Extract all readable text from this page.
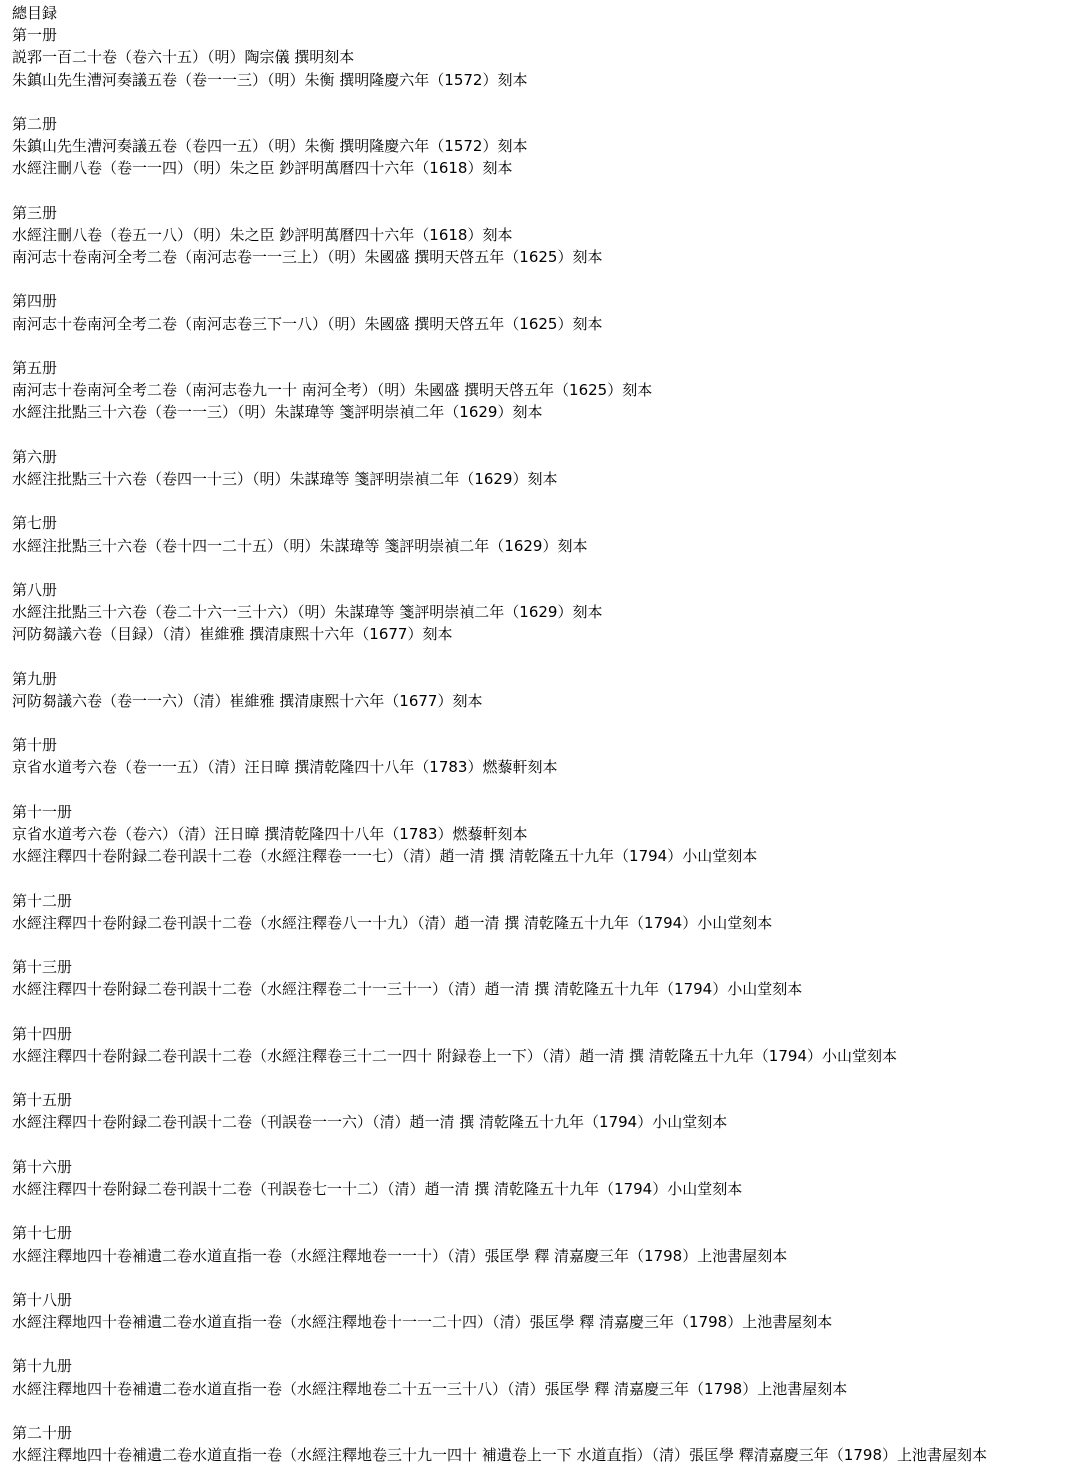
總目録
第一册
説郛一百二十卷（卷六十五）（明）陶宗儀 撰明刻本
朱鎮山先生漕河奏議五卷（卷一一三）（明）朱衡 撰明隆慶六年（1572）刻本
第二册
朱鎮山先生漕河奏議五卷（卷四一五）（明）朱衡 撰明隆慶六年（1572）刻本
水經注刪八卷（卷一一四）（明）朱之臣 鈔評明萬曆四十六年（1618）刻本
第三册
水經注刪八卷（卷五一八）（明）朱之臣 鈔評明萬曆四十六年（1618）刻本
南河志十卷南河全考二卷（南河志卷一一三上）（明）朱國盛 撰明天啓五年（1625）刻本
第四册
南河志十卷南河全考二卷（南河志卷三下一八）（明）朱國盛 撰明天啓五年（1625）刻本
第五册
南河志十卷南河全考二卷（南河志卷九一十 南河全考）（明）朱國盛 撰明天啓五年（1625）刻本
水經注批點三十六卷（卷一一三）（明）朱謀瑋等 箋評明崇禎二年（1629）刻本
第六册
水經注批點三十六卷（卷四一十三）（明）朱謀瑋等 箋評明崇禎二年（1629）刻本
第七册
水經注批點三十六卷（卷十四一二十五）（明）朱謀瑋等 箋評明崇禎二年（1629）刻本
第八册
水經注批點三十六卷（卷二十六一三十六）（明）朱謀瑋等 箋評明崇禎二年（1629）刻本
河防芻議六卷（目録）（清）崔維雅 撰清康熙十六年（1677）刻本
第九册
河防芻議六卷（卷一一六）（清）崔維雅 撰清康熙十六年（1677）刻本
第十册
京省水道考六卷（卷一一五）（清）汪日暲 撰清乾隆四十八年（1783）燃藜軒刻本
第十一册
京省水道考六卷（卷六）（清）汪日暲 撰清乾隆四十八年（1783）燃藜軒刻本
水經注釋四十卷附録二卷刊誤十二卷（水經注釋卷一一七）（清）趙一清 撰 清乾隆五十九年（1794）小山堂刻本
第十二册
水經注釋四十卷附録二卷刊誤十二卷（水經注釋卷八一十九）（清）趙一清 撰 清乾隆五十九年（1794）小山堂刻本
第十三册
水經注釋四十卷附録二卷刊誤十二卷（水經注釋卷二十一三十一）（清）趙一清 撰 清乾隆五十九年（1794）小山堂刻本
第十四册
水經注釋四十卷附録二卷刊誤十二卷（水經注釋卷三十二一四十 附録卷上一下）（清）趙一清 撰 清乾隆五十九年（1794）小山堂刻本
第十五册
水經注釋四十卷附録二卷刊誤十二卷（刊誤卷一一六）（清）趙一清 撰 清乾隆五十九年（1794）小山堂刻本
第十六册
水經注釋四十卷附録二卷刊誤十二卷（刊誤卷七一十二）（清）趙一清 撰 清乾隆五十九年（1794）小山堂刻本
第十七册
水經注釋地四十卷補遺二卷水道直指一卷（水經注釋地卷一一十）（清）張匡學 釋 清嘉慶三年（1798）上池書屋刻本
第十八册
水經注釋地四十卷補遺二卷水道直指一卷（水經注釋地卷十一一二十四）（清）張匡學 釋 清嘉慶三年（1798）上池書屋刻本
第十九册
水經注釋地四十卷補遺二卷水道直指一卷（水經注釋地卷二十五一三十八）（清）張匡學 釋 清嘉慶三年（1798）上池書屋刻本
第二十册
水經注釋地四十卷補遺二卷水道直指一卷（水經注釋地卷三十九一四十 補遺卷上一下 水道直指）（清）張匡學 釋清嘉慶三年（1798）上池書屋刻本
